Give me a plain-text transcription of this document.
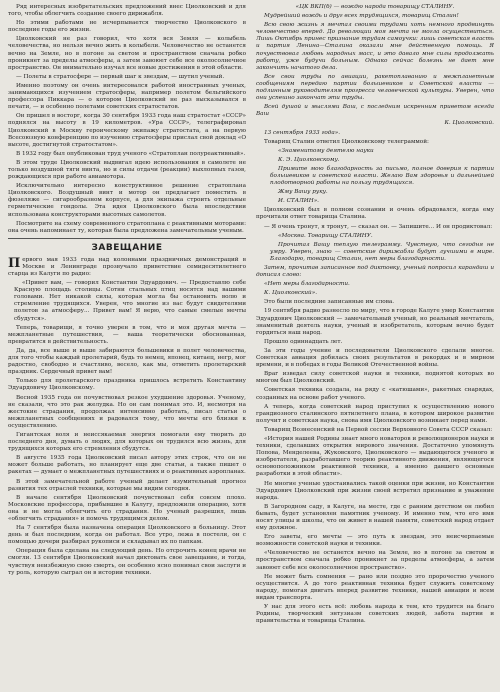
Ряд интересных изобретательских предложений внес Циолковский и для того, чтобы облегчить создание своего дирижабля.

Но этими работами не исчерпывается творчество Циолковского в последние годы его жизни.

Циолковский не раз говорил, что хотя вся Земля — колыбель человечества, но нельзя вечно жить в колыбели. Человечество не останется вечно на Земле, но в погоне за светом и пространством сначала робко проникнет за пределы атмосферы, а затем завоюет себе все околосолнечное пространство. Он внимательно изучал все новые достижения в этой области.

— Полеты в стратосфере — первый шаг к звездам, — шутил ученый.

Именно поэтому он очень интересовался работой иностранных ученых, занимающихся изучением стратосферы, например полетом бельгийского профессора Пиккара — о котором Циолковский не раз высказывался в печати, — и особенно полетами советских стратостатов.

Он пришел в восторг, когда 30 сентября 1933 года наш стратостат «СССР» поднялся на высоту в 19 километров. «Ура СССР», телеграфировал Циолковский в Москву героическому экипажу стратостата, а на первую Всесоюзную конференцию по изучению стратосферы прислал свой доклад «О высоте, достигнутой стратостатом».

В 1932 году был опубликован труд ученого «Стратоплан полуреактивный».

В этом труде Циолковский выдвигал идею использования в самолете не только воздушной тяги винта, но и силы отдачи (реакции) выхлопных газов, рождающихся при работе авиамотора.

Исключительно интересно конструктивное решение стратоплана Циолковского. Воздушный винт и мотор он предлагает поместить в фюзеляже — сигарообразном корпусе, а для экипажа строить отдельные герметические гондолы. Эта идея Циолковского была впоследствии использована конструкторами высотных самолетов.

Посмотрите на схему современного стратоплана с реактивными моторами: она очень напоминает ту, которая была предложена замечательным ученым.

ЗАВЕЩАНИЕ

Первого мая 1933 года над колоннами праздничных демонстраций в Москве и Ленинграде прозвучало приветствие семидесятилетнего старца из Калуги по радио:

«Привет вам, — говорил Константин Эдуардович. — Предоставлю себе Красную площадь столицы. Сотни стальных птиц носятся над вашими головами. Нет никакой силы, которая могла бы остановить волю и стремление трудящихся. Уверен, что многие из вас будут свидетелями полетов за атмосферу... Привет вам! Я верю, что самые смелые мечты сбудутся».

Теперь, товарищи, я точно уверен в том, что и моя другая мечта — межпланетные путешествия, — ваша теоретически обоснованная, превратится в действительность.

Да, да, все выше и выше забираются большевики в полет человечества, для того чтобы каждый пролетарий, будь то немец, японец, китаец, негр, мог радостно, свободно и счастливо, весело, как мы, отметить пролетарский праздник. Сердечный привет вам!

Только для пролетарского праздника пришлось встретить Константину Эдуардовичу Циолковскому.

Весной 1935 года он почувствовал резкое ухудшение здоровья. Ученому, не сказали, что это рак желудка. Но он сам понимал это. И, несмотря на жестокие страдания, продолжал интенсивно работать, писал статьи о межпланетных сообщениях и радовался тому, что мечты его близки к осуществлению.

Гигантская воля и неиссякаемая энергия помогали ему творить до последнего дня, думать о людях, для которых он трудился всю жизнь, для трудящихся которых его стремления сбудутся.

В августе 1935 года Циолковский писал автору этих строк, что он не может больше работать, но планирует еще две статьи, а также пишет о ракетах — думает о межпланетных путешествиях и о реактивных аэропланах.

В этой замечательной работе ученый делает изумительный прогноз развития тех отраслей техники, которые мы видим сегодня.

В начале сентября Циолковский почувствовал себя совсем плохо. Московские профессора, прибывшие в Калугу, предложили операцию, хотя она и не могла облегчить его страдания. Но ученый разрешил, лишь «облегчить страдания» и помочь трудящимся делом.

На 7 сентября была назначена операция Циолковского в больницу. Этот день и был последним, когда он работал. Все утро, лежа в постели, он с помощью дочери разбирал рукописи и складывал их по папкам.

Операция была сделана на следующий день. Но отсрочить конец врачи не смогли. 13 сентября Циолковский начал диктовать свое завещание, и тогда, чувствуя неизбежную свою смерть, он особенно ясно понимал свои заслуги и ту роль, которую сыграл он в истории техники.

«ЦК ВКП(б) — вождю народа товарищу СТАЛИНУ.

Мудрейший вождь и друг всех трудящихся, товарищ Сталин!

Всю свою жизнь я мечтал своими трудами хоть немного продвинуть человечество вперед. До революции моя мечта не могла осуществиться. Лишь Октябрь принес признание трудам самоучки: лишь советская власть и партия Ленина—Сталина оказали мне действенную помощь. Я почувствовал любовь народных масс, и это давало мне силы продолжать работу, уже будучи больным. Однако сейчас болезнь не дает мне закончить начатого дела.

Все свои труды по авиации, ракетоплаванию и межпланетным сообщениям передаю партии большевиков и Советской власти — подлинным руководителям прогресса человеческой культуры. Уверен, что они успешно закончат эти труды.

Всей душой и мыслями Ваш, с последним искренним приветом всегда Ваш

К. Циолковский.

13 сентября 1933 года».

Товарищ Сталин ответил Циолковскому телеграммой:

«Знаменитому деятелю науки

К. Э. Циолковскому.

Примите мою благодарность за письмо, полное доверия к партии большевиков и советской власти. Желаю Вам здоровья и дальнейшей плодотворной работы на пользу трудящихся.

Жму Вашу руку.

И. СТАЛИН».

Циолковский был в полном сознании и очень обрадовался, когда ему прочитали ответ товарища Сталина.

— Я очень тронут, я тронут, — сказал он. — Запишите... И он продиктовал:

«Москва. Товарищу СТАЛИНУ.

Прочитал Вашу теплую телеграмму. Чувствую, что сегодня не умру. Уверен, знаю — советские дирижабли будут лучшими в мире. Благодарю, товарищ Сталин, нет меры благодарности.

Затем, прочитав записанное под диктовку, ученый попросил карандаш и дописал слово:

«Нет меры благодарности.

К. Циолковский».

Это были последние записанные им слова.

19 сентября радио разнесло по миру, что в городе Калуге умер Константин Эдуардович Циолковский — замечательный ученый, но реальный мечтатель, знаменитый деятель науки, ученый и изобретатель, которым вечно будет гордиться наш народ.

Прошло одиннадцать лет.

За эти годы учение и последователи Циолковского сделали многое. Советская авиация добилась своих результатов в рекордах и в мирном времени, и в победах в годы Великой Отечественной войны.

Враг изведал силу советской науки и техники, поднятой которых во многом был Циолковский.

Советская техника создала, на ряду с «катюшами», ракетных снарядах, созданных на основе работ ученого.

А теперь, когда советский народ приступил к осуществлению нового грандиозного сталинского пятилетнего плана, в котором широкое развитие получит и советская наука, снова имя Циолковского возникает перед нами.

Товарищ Вознесенский на Первой сессии Верховного Совета СССР сказал:

«История нашей Родины знает много новаторов и революционеров науки и техники, сделавших открытия мирового значения. Достаточно упомянуть Попова, Менделеева, Жуковского, Циолковского — выдающегося ученого и изобретателя, разработавшего теорию реактивного движения, являющегося основоположником реактивной техники, а именно давшего основные разработки в этой области».

Не многие ученые удостаивались такой оценки при жизни, но Константин Эдуардович Циолковский при жизни своей встретил признание и уважение народа.

В Загородном саду, в Калуге, на месте, где с ранним детством он любил бывать, будет установлен памятник ученому. И именно тем, что его имя носят улицы и школы, что он живет в нашей памяти, советский народ отдает ему должное.

Его заветы, его мечты — это путь к звездам, это неисчерпаемые возможности советской науки и техники.

«Человечество не останется вечно на Земле, но в погоне за светом и пространством сначала робко проникнет за пределы атмосферы, а затем завоюет себе все околосолнечное пространство».

Не может быть сомнения — рано или поздно это пророчество ученого осуществится. А до того реактивная техника будет служить советскому народу, помогая двигать вперед развитие техники, нашей авиации и всем видам транспорта.

У нас для этого есть всё: любовь народа к тем, кто трудится на благо Родины, творческий энтузиазм советских людей, забота партии и правительства и товарища Сталина.
